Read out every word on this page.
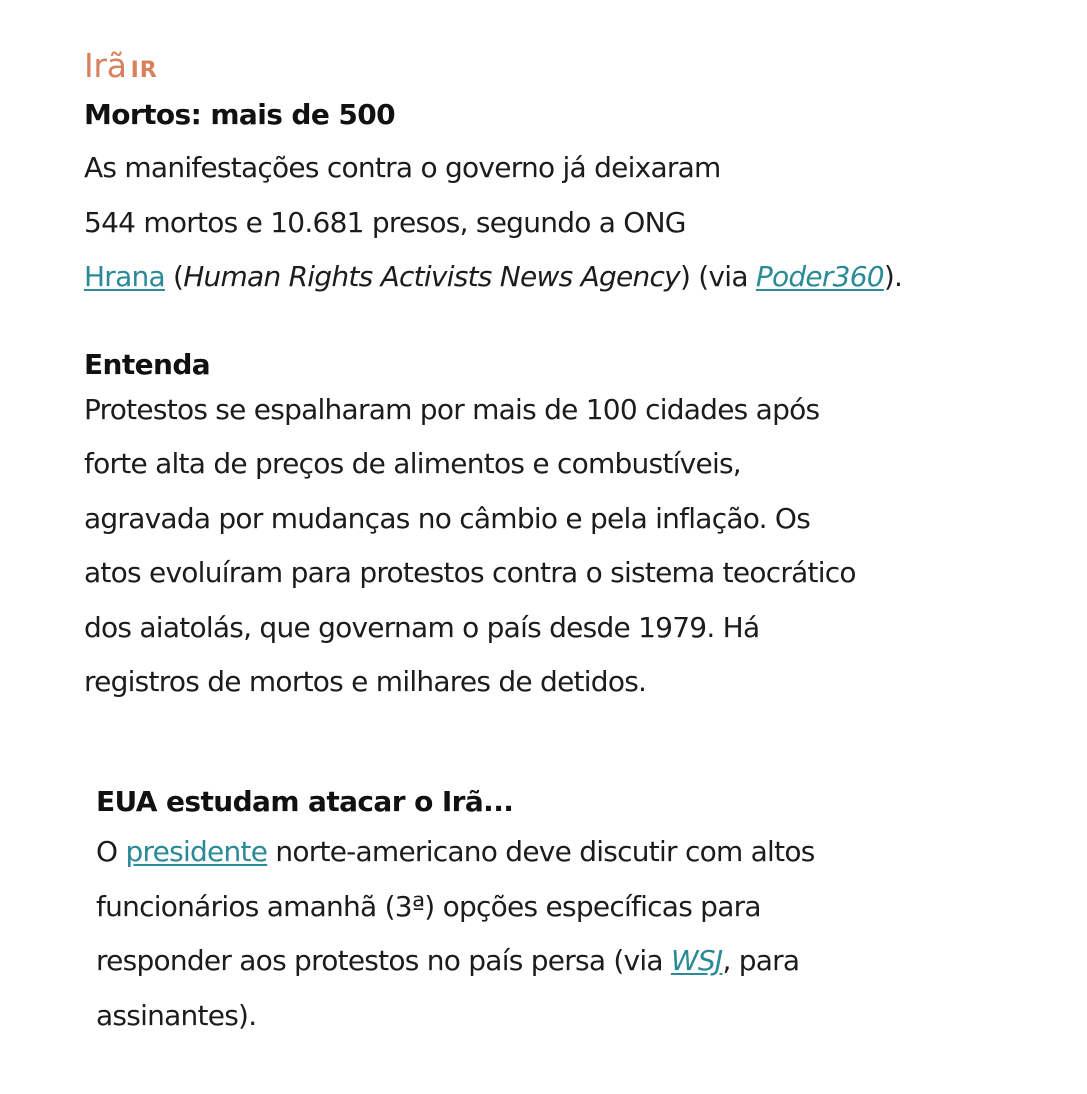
Irã IR
Mortos: mais de 500

As manifestações contra o governo já deixaram
544 mortos e 10.681 presos, segundo a ONG
Hrana (Human Rights Activists News Agency) (via Poder360).

Entenda

Protestos se espalharam por mais de 100 cidades após
forte alta de preços de alimentos e combustíveis,
agravada por mudanças no câmbio e pela inflação. Os
atos evoluíram para protestos contra o sistema teocrático
dos aiatolás, que governam o país desde 1979. Há
registros de mortos e milhares de detidos.

EUA estudam atacar o Irã...

O presidente norte-americano deve discutir com altos
funcionários amanhã (3ª) opções específicas para
responder aos protestos no país persa (via WSJ, para
assinantes).
